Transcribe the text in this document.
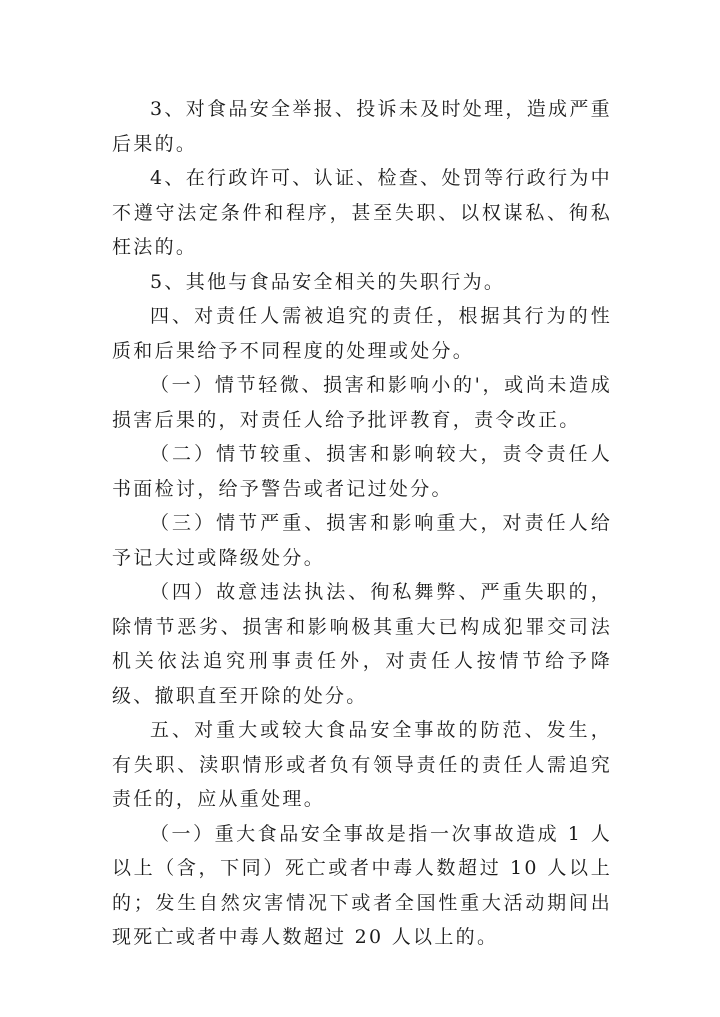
3、对食品安全举报、投诉未及时处理，造成严重后果的。

4、在行政许可、认证、检查、处罚等行政行为中不遵守法定条件和程序，甚至失职、以权谋私、徇私枉法的。

5、其他与食品安全相关的失职行为。

四、对责任人需被追究的责任，根据其行为的性质和后果给予不同程度的处理或处分。

（一）情节轻微、损害和影响小的'，或尚未造成损害后果的，对责任人给予批评教育，责令改正。

（二）情节较重、损害和影响较大，责令责任人书面检讨，给予警告或者记过处分。

（三）情节严重、损害和影响重大，对责任人给予记大过或降级处分。

（四）故意违法执法、徇私舞弊、严重失职的，除情节恶劣、损害和影响极其重大已构成犯罪交司法机关依法追究刑事责任外，对责任人按情节给予降级、撤职直至开除的处分。

五、对重大或较大食品安全事故的防范、发生，有失职、渎职情形或者负有领导责任的责任人需追究责任的，应从重处理。

（一）重大食品安全事故是指一次事故造成 1 人以上（含，下同）死亡或者中毒人数超过 10 人以上的；发生自然灾害情况下或者全国性重大活动期间出现死亡或者中毒人数超过 20 人以上的。
